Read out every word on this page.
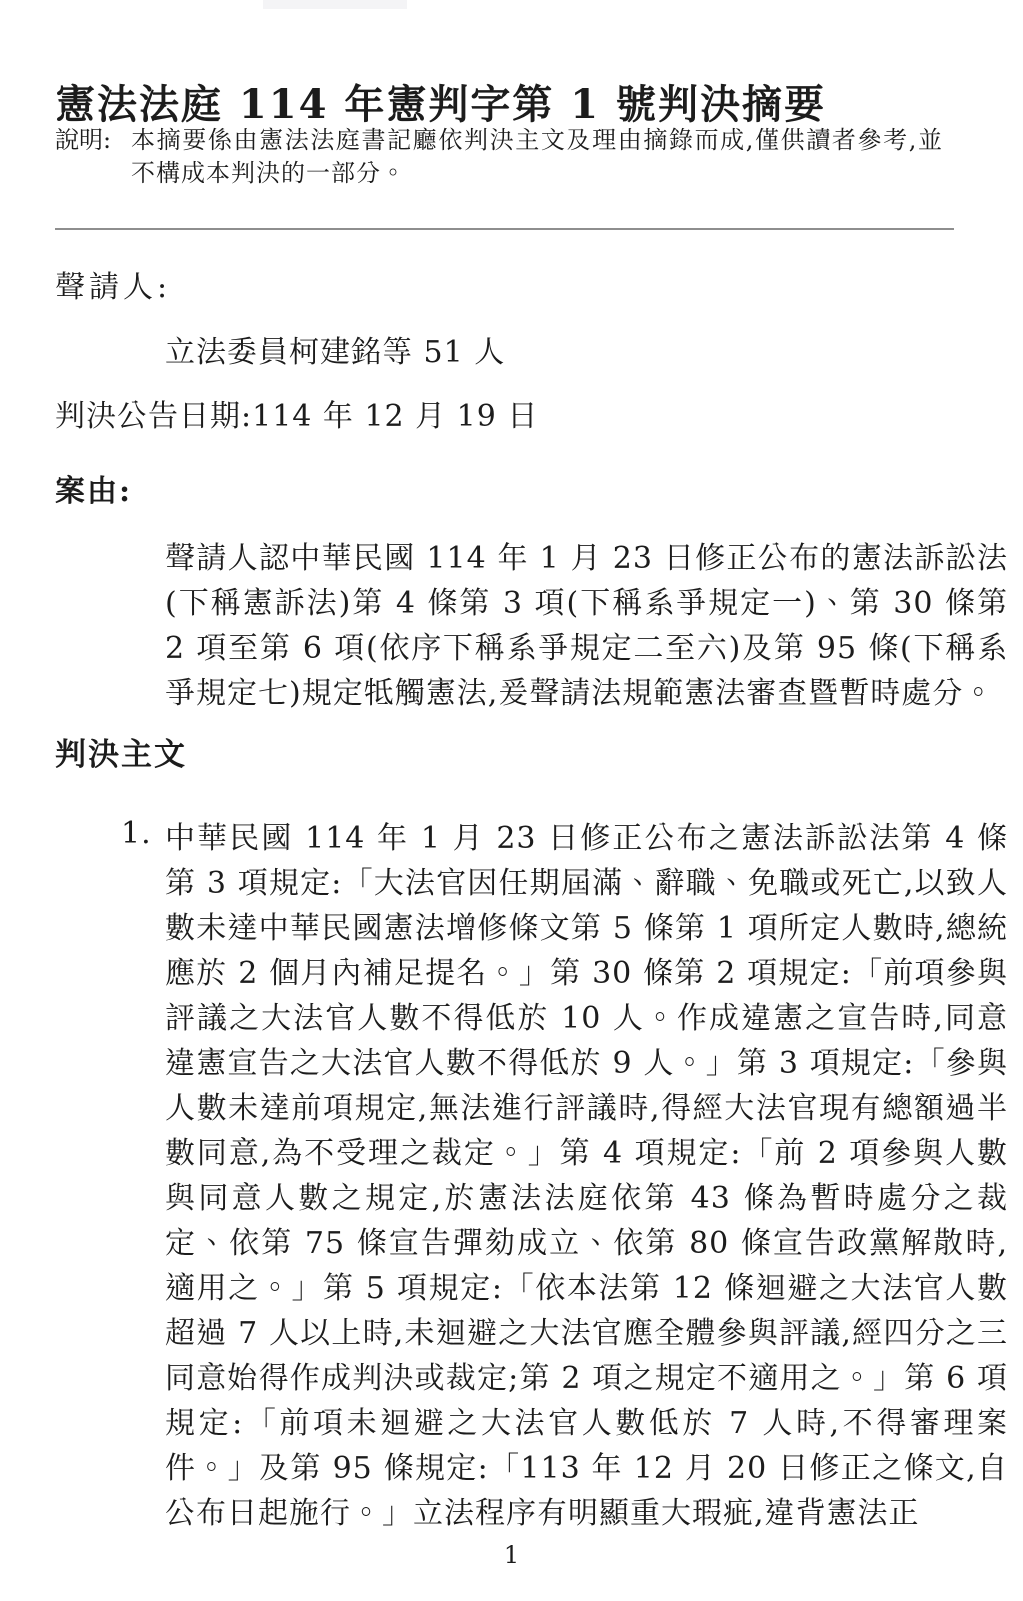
憲法法庭 114 年憲判字第 1 號判決摘要
說明: 本摘要係由憲法法庭書記廳依判決主文及理由摘錄而成,僅供讀者參考,並不構成本判決的一部分。
聲請人:
立法委員柯建銘等 51 人
判決公告日期:114 年 12 月 19 日
案由:
聲請人認中華民國 114 年 1 月 23 日修正公布的憲法訴訟法(下稱憲訴法)第 4 條第 3 項(下稱系爭規定一)、第 30 條第 2 項至第 6 項(依序下稱系爭規定二至六)及第 95 條(下稱系爭規定七)規定牴觸憲法,爰聲請法規範憲法審查暨暫時處分。
判決主文
1. 中華民國 114 年 1 月 23 日修正公布之憲法訴訟法第 4 條第 3 項規定:「大法官因任期屆滿、辭職、免職或死亡,以致人數未達中華民國憲法增修條文第 5 條第 1 項所定人數時,總統應於 2 個月內補足提名。」第 30 條第 2 項規定:「前項參與評議之大法官人數不得低於 10 人。作成違憲之宣告時,同意違憲宣告之大法官人數不得低於 9 人。」第 3 項規定:「參與人數未達前項規定,無法進行評議時,得經大法官現有總額過半數同意,為不受理之裁定。」第 4 項規定:「前 2 項參與人數與同意人數之規定,於憲法法庭依第 43 條為暫時處分之裁定、依第 75 條宣告彈劾成立、依第 80 條宣告政黨解散時,適用之。」第 5 項規定:「依本法第 12 條迴避之大法官人數超過 7 人以上時,未迴避之大法官應全體參與評議,經四分之三同意始得作成判決或裁定;第 2 項之規定不適用之。」第 6 項規定:「前項未迴避之大法官人數低於 7 人時,不得審理案件。」及第 95 條規定:「113 年 12 月 20 日修正之條文,自公布日起施行。」立法程序有明顯重大瑕疵,違背憲法正
1
